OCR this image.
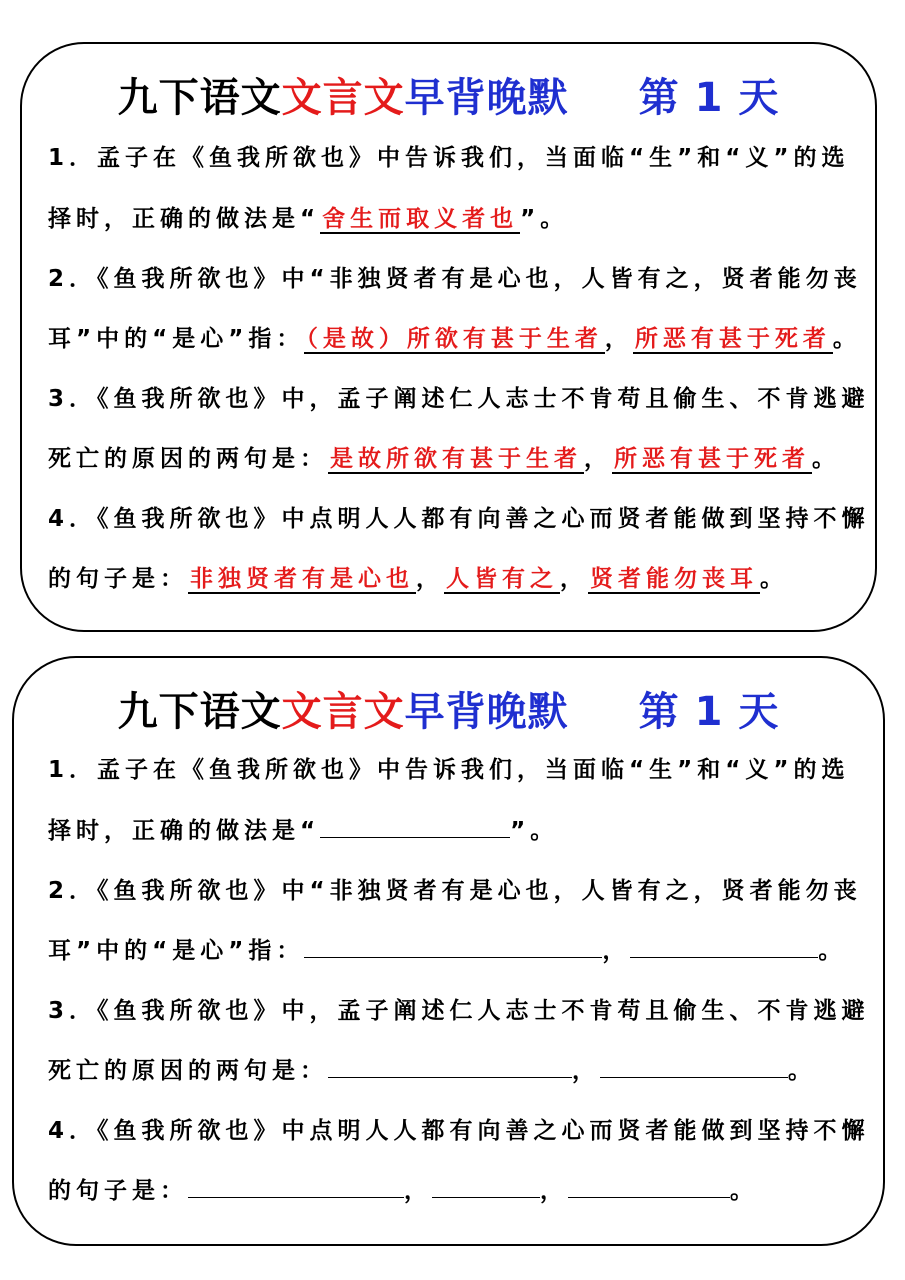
九下语文文言文早背晚默 第 1 天
1．孟子在《鱼我所欲也》中告诉我们，当面临“生”和“义”的选
择时，正确的做法是“舍生而取义者也”。
2．《鱼我所欲也》中“非独贤者有是心也，人皆有之，贤者能勿丧
耳”中的“是心”指：（是故）所欲有甚于生者，所恶有甚于死者。
3．《鱼我所欲也》中，孟子阐述仁人志士不肯苟且偷生、不肯逃避
死亡的原因的两句是：是故所欲有甚于生者，所恶有甚于死者。
4．《鱼我所欲也》中点明人人都有向善之心而贤者能做到坚持不懈
的句子是：非独贤者有是心也，人皆有之，贤者能勿丧耳。
九下语文文言文早背晚默 第 1 天
1．孟子在《鱼我所欲也》中告诉我们，当面临“生”和“义”的选
择时，正确的做法是“	”。
2．《鱼我所欲也》中“非独贤者有是心也，人皆有之，贤者能勿丧
耳”中的“是心”指：	，	。
3．《鱼我所欲也》中，孟子阐述仁人志士不肯苟且偷生、不肯逃避
死亡的原因的两句是：	，	。
4．《鱼我所欲也》中点明人人都有向善之心而贤者能做到坚持不懈
的句子是：	，	，	。
